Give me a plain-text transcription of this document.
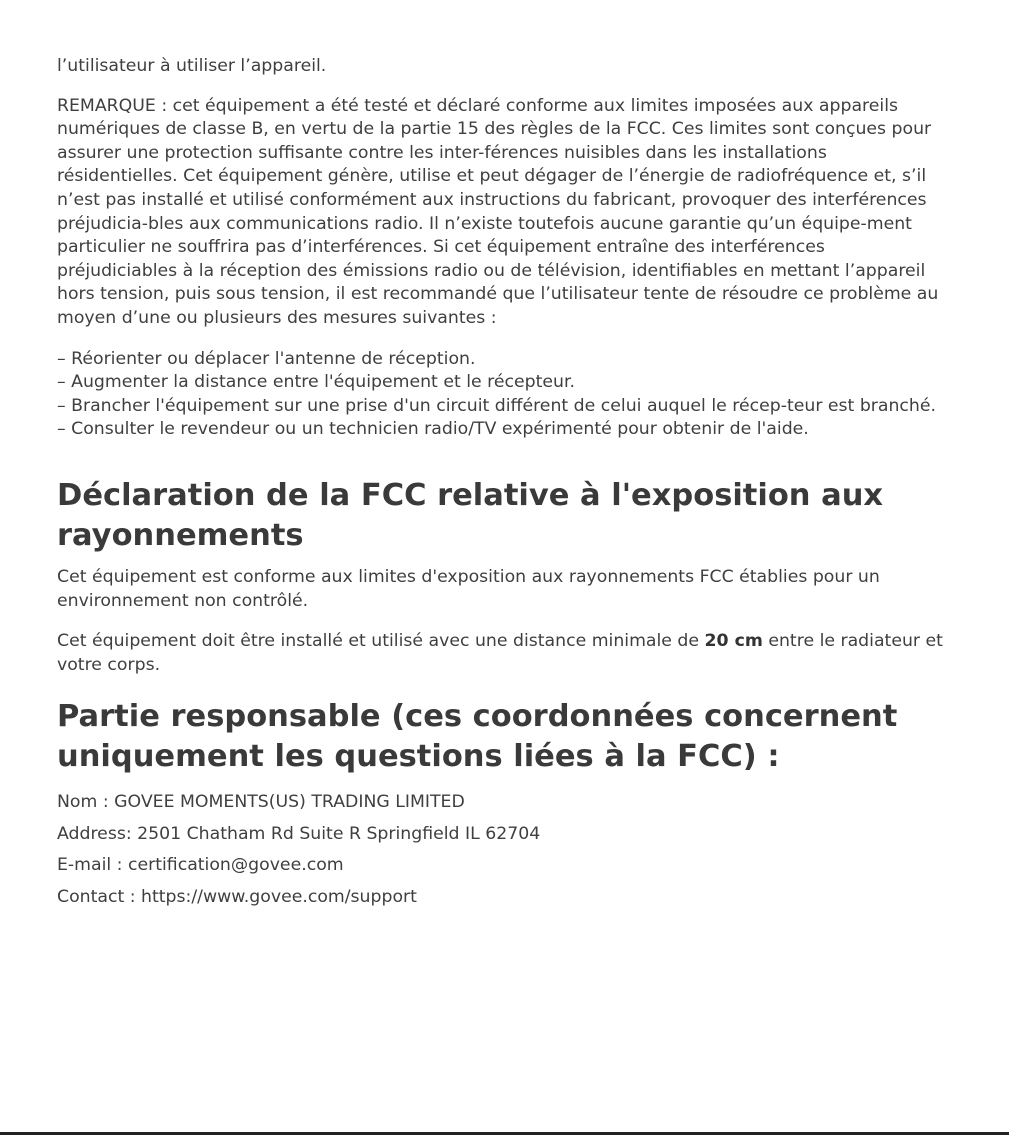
l’utilisateur à utiliser l’appareil.

REMARQUE : cet équipement a été testé et déclaré conforme aux limites imposées aux appareils numériques de classe B, en vertu de la partie 15 des règles de la FCC. Ces limites sont conçues pour assurer une protection suffisante contre les inter-férences nuisibles dans les installations résidentielles. Cet équipement génère, utilise et peut dégager de l’énergie de radiofréquence et, s’il n’est pas installé et utilisé conformément aux instructions du fabricant, provoquer des interférences préjudicia-bles aux communications radio. Il n’existe toutefois aucune garantie qu’un équipe-ment particulier ne souffrira pas d’interférences. Si cet équipement entraîne des interférences préjudiciables à la réception des émissions radio ou de télévision, identifiables en mettant l’appareil hors tension, puis sous tension, il est recommandé que l’utilisateur tente de résoudre ce problème au moyen d’une ou plusieurs des mesures suivantes :

– Réorienter ou déplacer l'antenne de réception.
– Augmenter la distance entre l'équipement et le récepteur.
– Brancher l'équipement sur une prise d'un circuit différent de celui auquel le récep-teur est branché.
– Consulter le revendeur ou un technicien radio/TV expérimenté pour obtenir de l'aide.

Déclaration de la FCC relative à l'exposition aux rayonnements

Cet équipement est conforme aux limites d'exposition aux rayonnements FCC établies pour un environnement non contrôlé.

Cet équipement doit être installé et utilisé avec une distance minimale de 20 cm entre le radiateur et votre corps.

Partie responsable (ces coordonnées concernent uniquement les questions liées à la FCC) :
Nom : GOVEE MOMENTS(US) TRADING LIMITED
Address: 2501 Chatham Rd Suite R Springfield IL 62704
E-mail : certification@govee.com
Contact : https://www.govee.com/support
